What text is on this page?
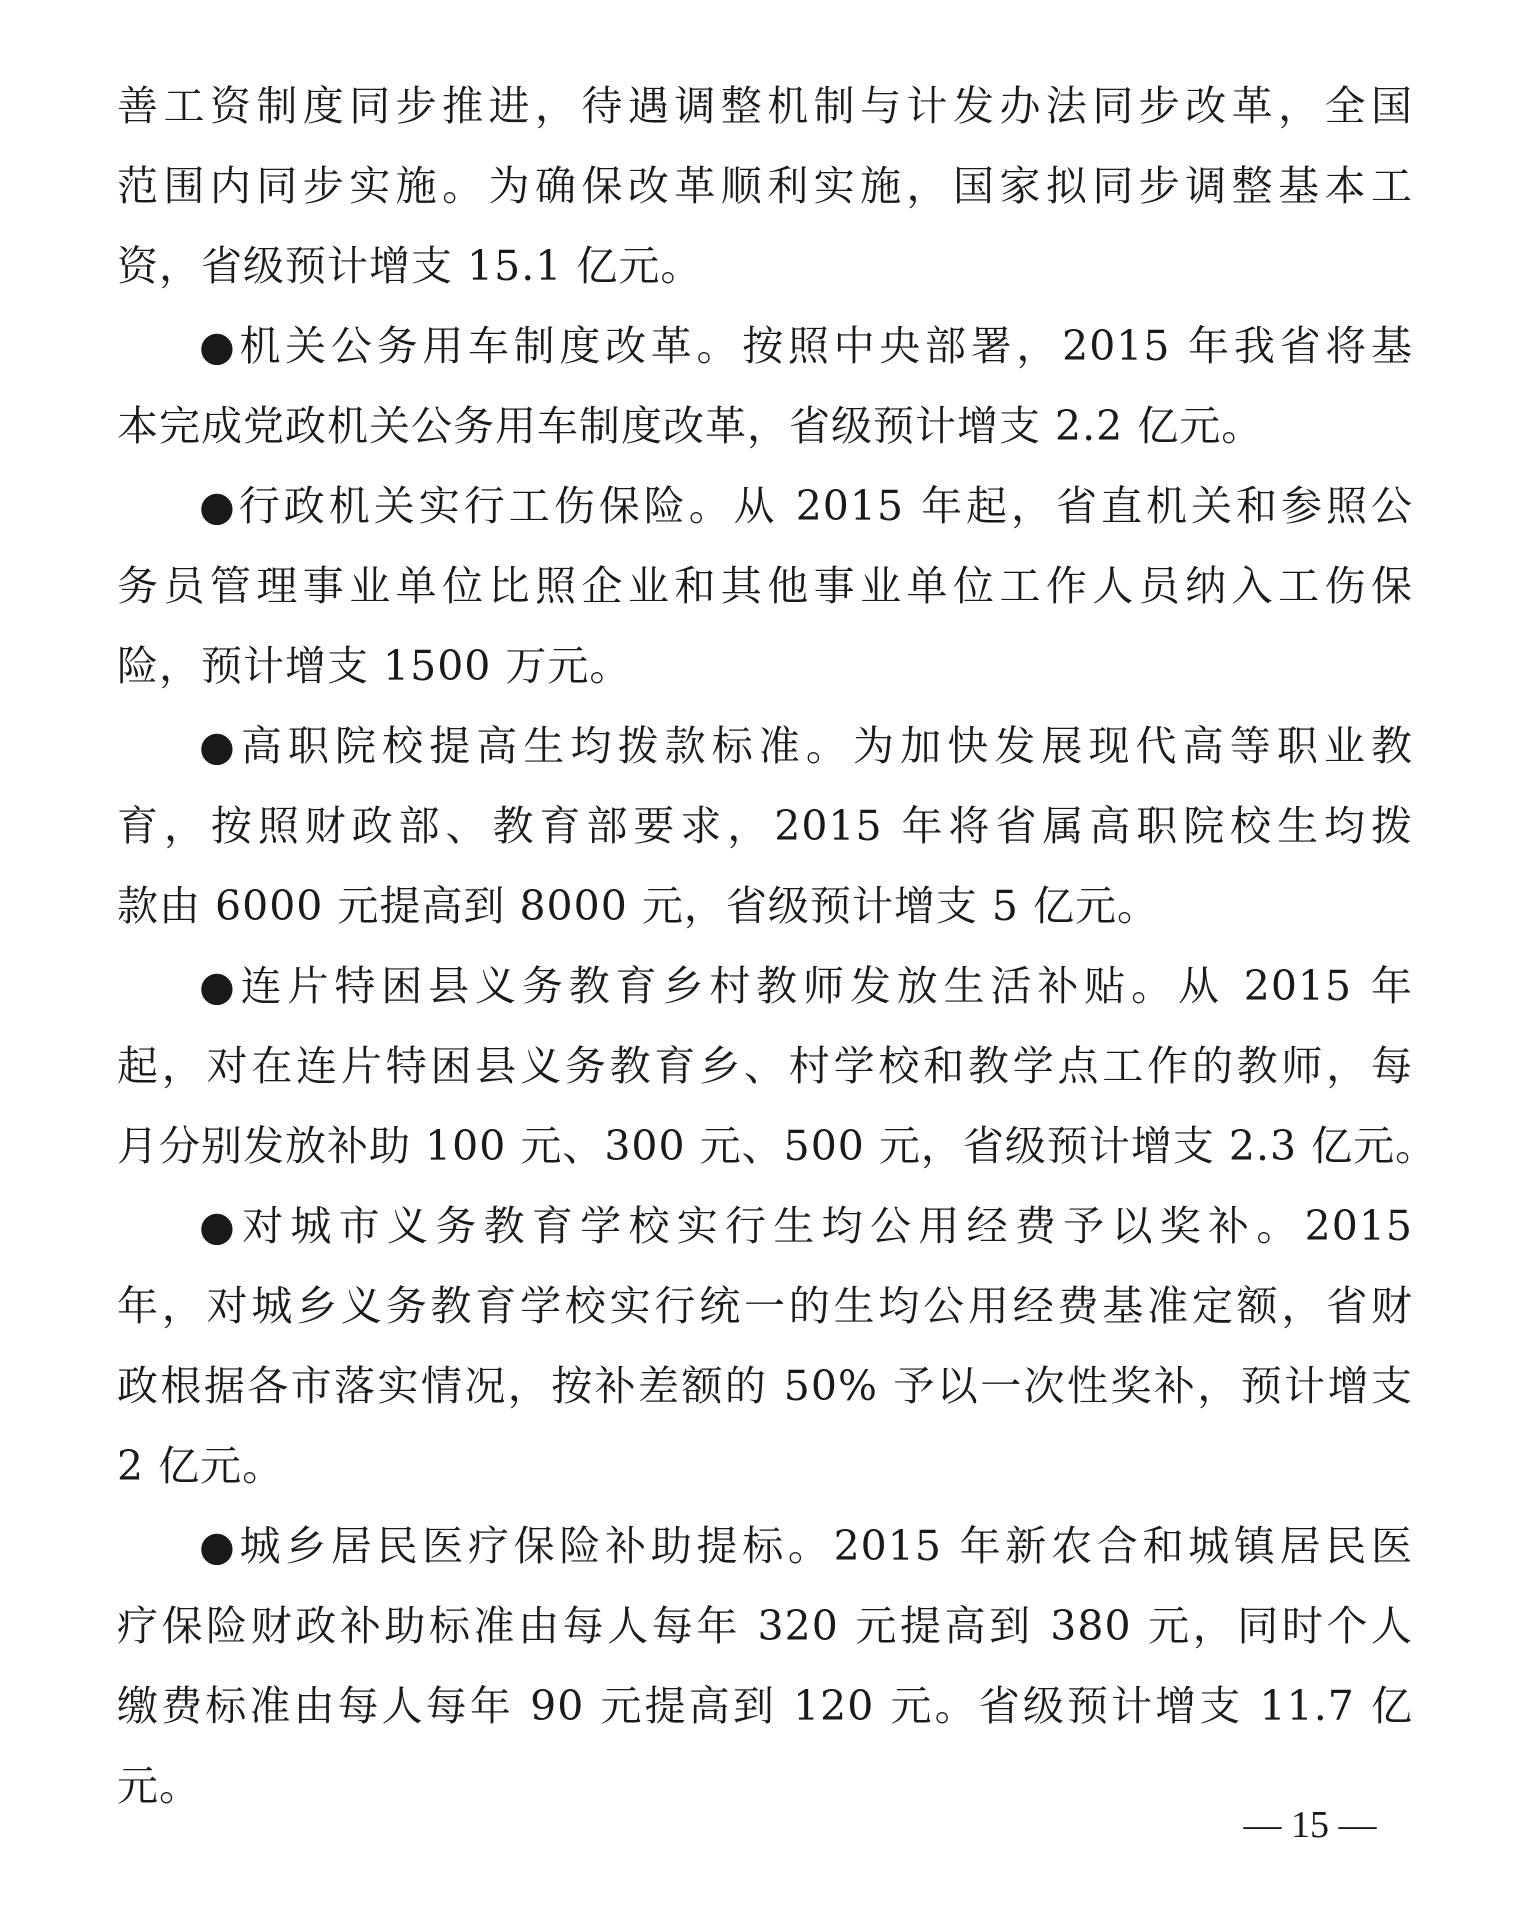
善工资制度同步推进，待遇调整机制与计发办法同步改革，全国
范围内同步实施。为确保改革顺利实施，国家拟同步调整基本工
资，省级预计增支 15.1 亿元。
●机关公务用车制度改革。按照中央部署，2015 年我省将基
本完成党政机关公务用车制度改革，省级预计增支 2.2 亿元。
●行政机关实行工伤保险。从 2015 年起，省直机关和参照公
务员管理事业单位比照企业和其他事业单位工作人员纳入工伤保
险，预计增支 1500 万元。
●高职院校提高生均拨款标准。为加快发展现代高等职业教
育，按照财政部、教育部要求，2015 年将省属高职院校生均拨
款由 6000 元提高到 8000 元，省级预计增支 5 亿元。
●连片特困县义务教育乡村教师发放生活补贴。从 2015 年
起，对在连片特困县义务教育乡、村学校和教学点工作的教师，每
月分别发放补助 100 元、300 元、500 元，省级预计增支 2.3 亿元。
●对城市义务教育学校实行生均公用经费予以奖补。2015
年，对城乡义务教育学校实行统一的生均公用经费基准定额，省财
政根据各市落实情况，按补差额的 50% 予以一次性奖补，预计增支
2 亿元。
●城乡居民医疗保险补助提标。2015 年新农合和城镇居民医
疗保险财政补助标准由每人每年 320 元提高到 380 元，同时个人
缴费标准由每人每年 90 元提高到 120 元。省级预计增支 11.7 亿
元。
— 15 —
